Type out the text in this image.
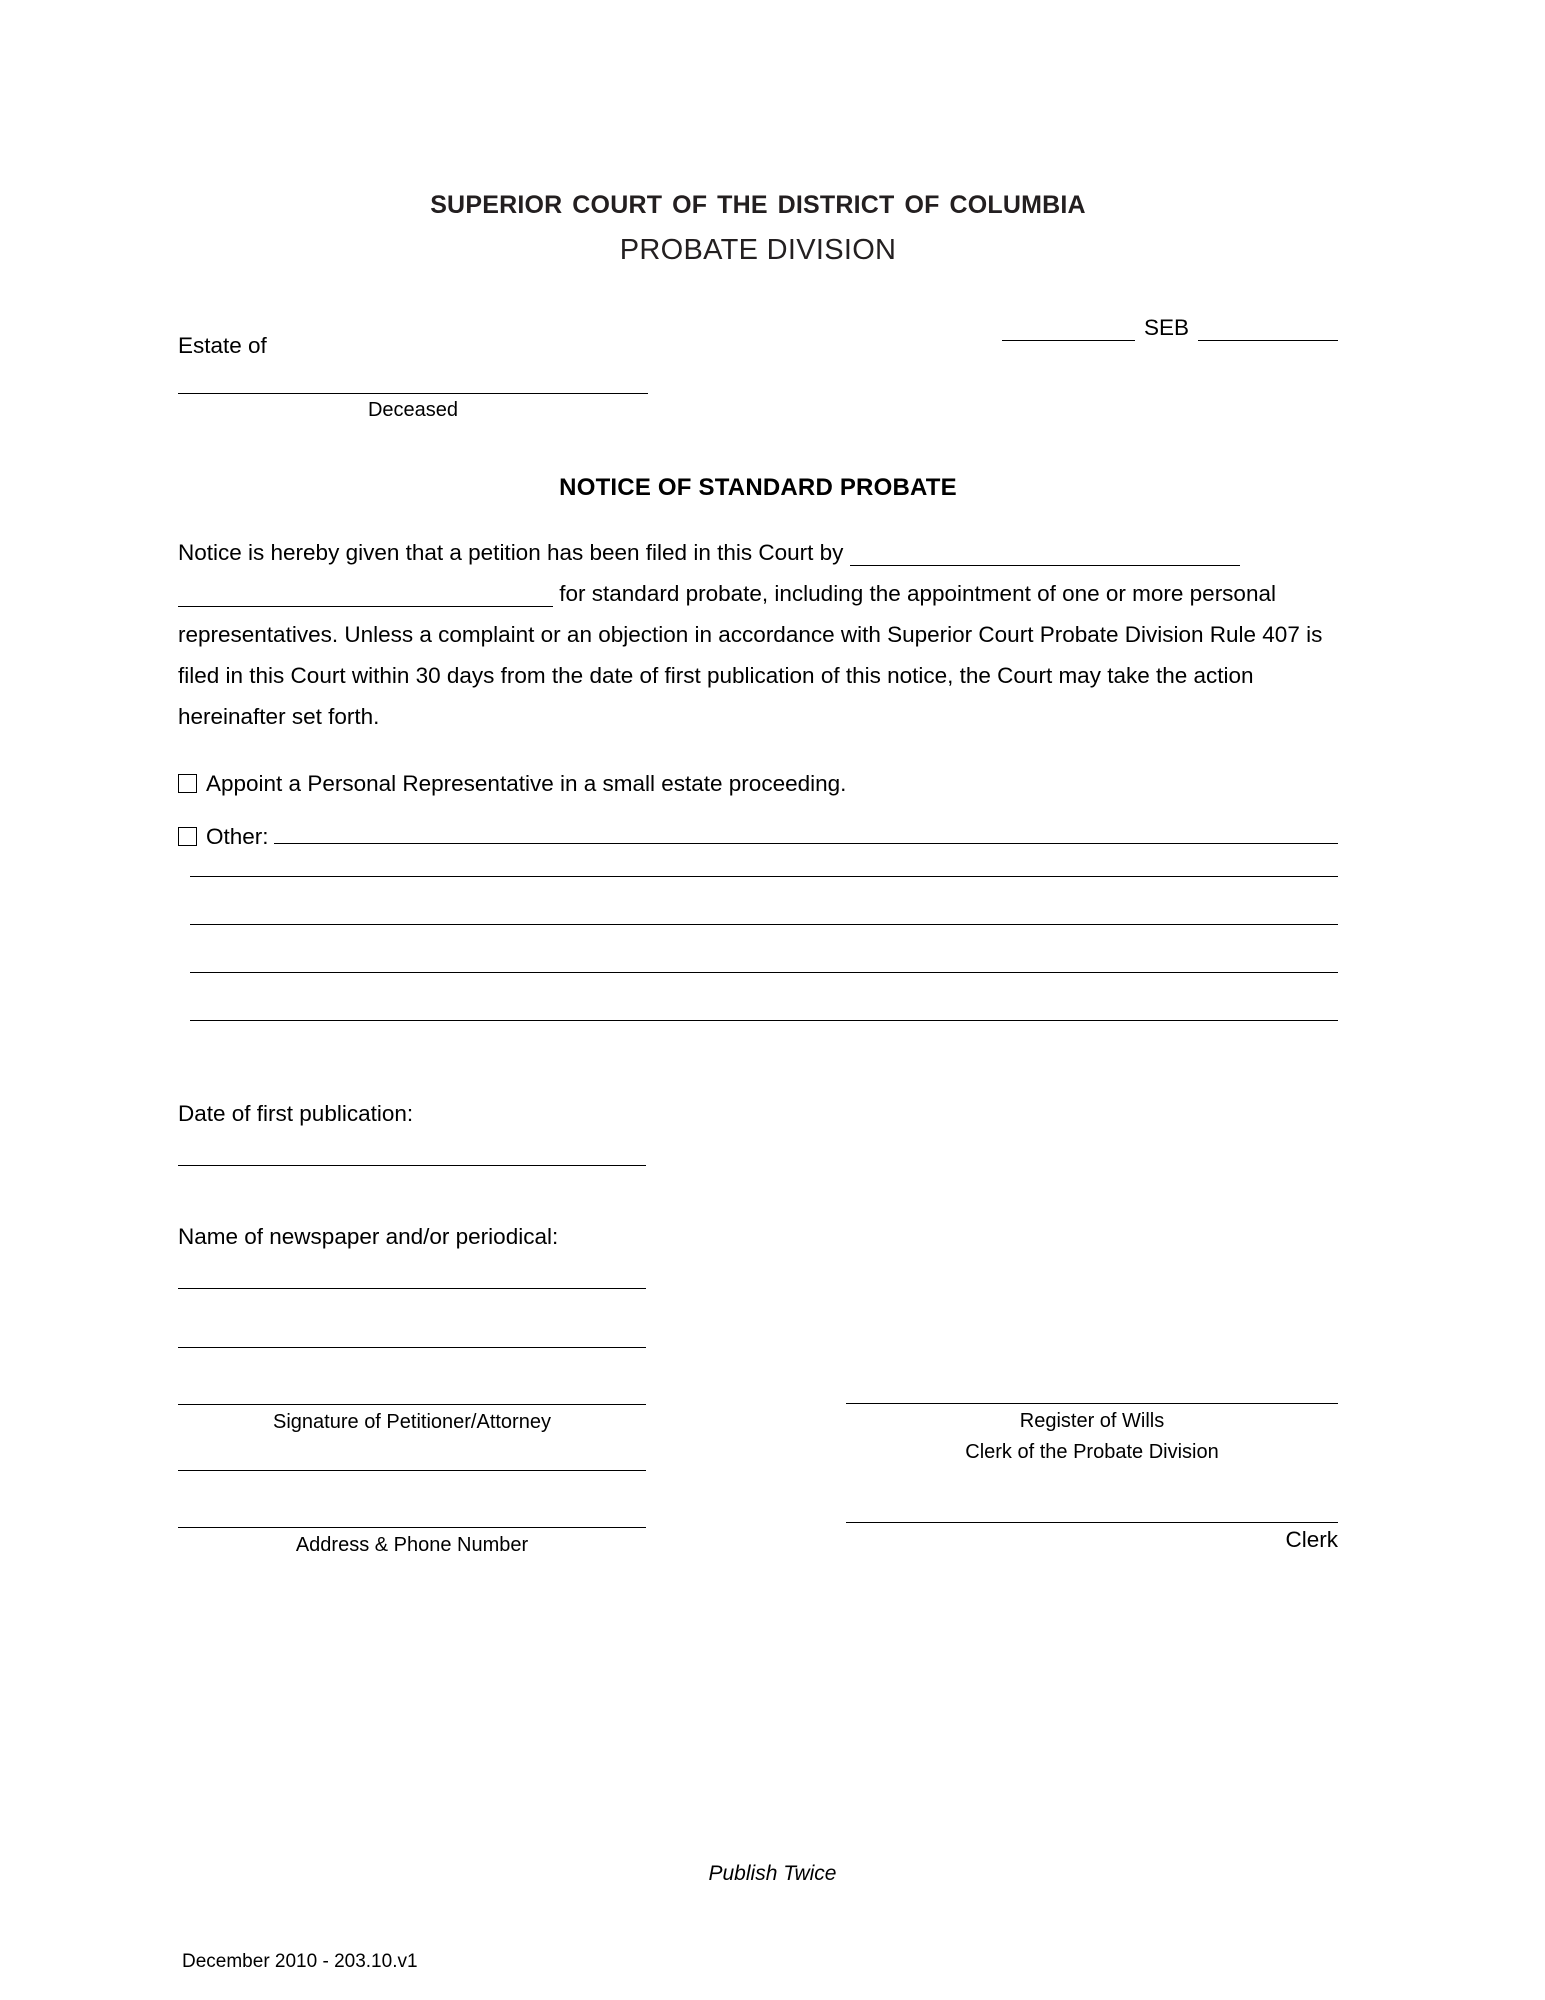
superior court of the district of columbia
PROBATE DIVISION
SEB
Estate of
Deceased
NOTICE OF STANDARD PROBATE
Notice is hereby given that a petition has been filed in this Court by   for standard probate, including the appointment of one or more personal representatives. Unless a complaint or an objection in accordance with Superior Court Probate Division Rule 407 is filed in this Court within 30 days from the date of first publication of this notice, the Court may take the action hereinafter set forth.
Appoint a Personal Representative in a small estate proceeding.
Other:
Date of first publication:
Name of newspaper and/or periodical:
Signature of Petitioner/Attorney
Address & Phone Number
Register of Wills
Clerk of the Probate Division
Clerk
Publish Twice
December 2010 - 203.10.v1
